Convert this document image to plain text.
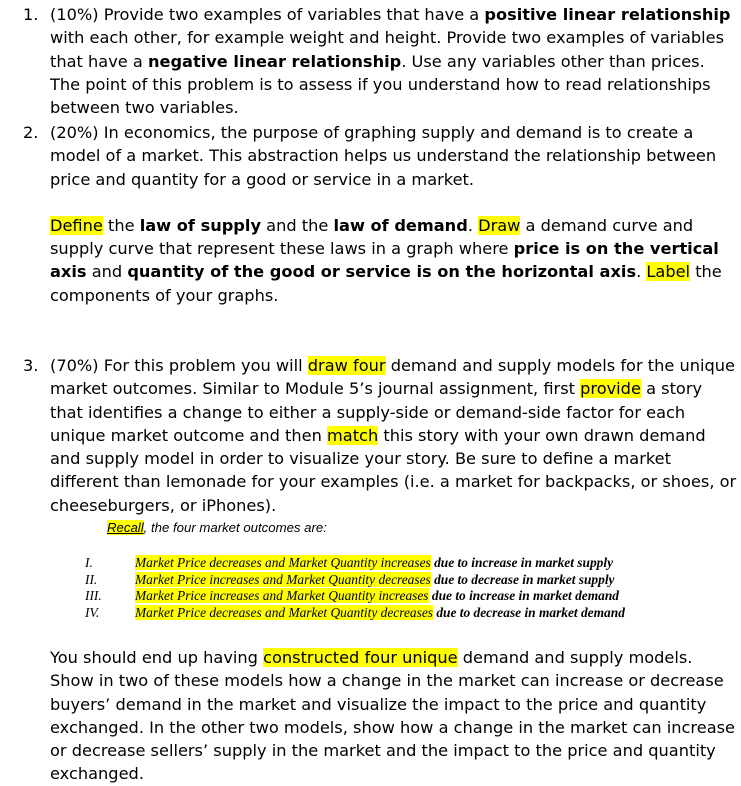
1. (10%) Provide two examples of variables that have a positive linear relationship with each other, for example weight and height. Provide two examples of variables that have a negative linear relationship. Use any variables other than prices. The point of this problem is to assess if you understand how to read relationships between two variables.

2. (20%) In economics, the purpose of graphing supply and demand is to create a model of a market. This abstraction helps us understand the relationship between price and quantity for a good or service in a market.

Define the law of supply and the law of demand. Draw a demand curve and supply curve that represent these laws in a graph where price is on the vertical axis and quantity of the good or service is on the horizontal axis. Label the components of your graphs.

3. (70%) For this problem you will draw four demand and supply models for the unique market outcomes. Similar to Module 5’s journal assignment, first provide a story that identifies a change to either a supply-side or demand-side factor for each unique market outcome and then match this story with your own drawn demand and supply model in order to visualize your story. Be sure to define a market different than lemonade for your examples (i.e. a market for backpacks, or shoes, or cheeseburgers, or iPhones).

Recall, the four market outcomes are:
I.	Market Price decreases and Market Quantity increases due to increase in market supply
II.	Market Price increases and Market Quantity decreases due to decrease in market supply
III. Market Price increases and Market Quantity increases due to increase in market demand
IV.	Market Price decreases and Market Quantity decreases due to decrease in market demand

You should end up having constructed four unique demand and supply models. Show in two of these models how a change in the market can increase or decrease buyers’ demand in the market and visualize the impact to the price and quantity exchanged. In the other two models, show how a change in the market can increase or decrease sellers’ supply in the market and the impact to the price and quantity exchanged.
